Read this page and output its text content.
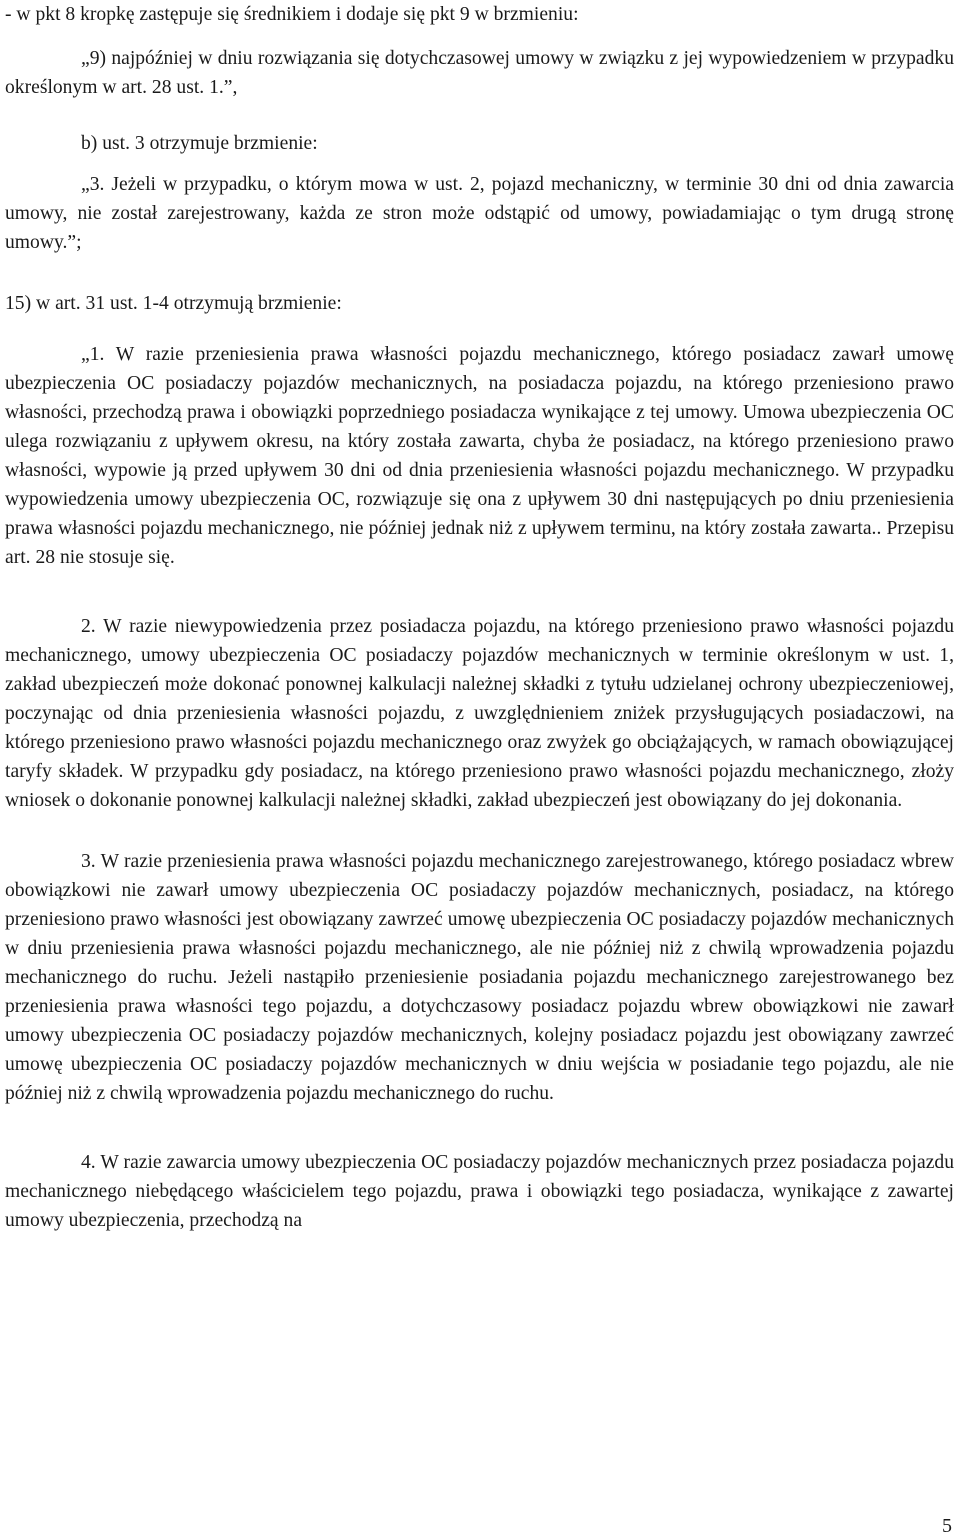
- w pkt 8 kropkę zastępuje się średnikiem i dodaje się pkt 9 w brzmieniu:

„9) najpóźniej w dniu rozwiązania się dotychczasowej umowy w związku z jej wypowiedzeniem w przypadku określonym w art. 28 ust. 1.”,

b) ust. 3 otrzymuje brzmienie:

„3. Jeżeli w przypadku, o którym mowa w ust. 2, pojazd mechaniczny, w terminie 30 dni od dnia zawarcia umowy, nie został zarejestrowany, każda ze stron może odstąpić od umowy, powiadamiając o tym drugą stronę umowy.”;

15) w art. 31 ust. 1-4 otrzymują brzmienie:

„1. W razie przeniesienia prawa własności pojazdu mechanicznego, którego posiadacz zawarł umowę ubezpieczenia OC posiadaczy pojazdów mechanicznych, na posiadacza pojazdu, na którego przeniesiono prawo własności, przechodzą prawa i obowiązki poprzedniego posiadacza wynikające z tej umowy. Umowa ubezpieczenia OC ulega rozwiązaniu z upływem okresu, na który została zawarta, chyba że posiadacz, na którego przeniesiono prawo własności, wypowie ją przed upływem 30 dni od dnia przeniesienia własności pojazdu mechanicznego. W przypadku wypowiedzenia umowy ubezpieczenia OC, rozwiązuje się ona z upływem 30 dni następujących po dniu przeniesienia prawa własności pojazdu mechanicznego, nie później jednak niż z upływem terminu, na który została zawarta.. Przepisu art. 28 nie stosuje się.

2. W razie niewypowiedzenia przez posiadacza pojazdu, na którego przeniesiono prawo własności pojazdu mechanicznego, umowy ubezpieczenia OC posiadaczy pojazdów mechanicznych w terminie określonym w ust. 1, zakład ubezpieczeń może dokonać ponownej kalkulacji należnej składki z tytułu udzielanej ochrony ubezpieczeniowej, poczynając od dnia przeniesienia własności pojazdu, z uwzględnieniem zniżek przysługujących posiadaczowi, na którego przeniesiono prawo własności pojazdu mechanicznego oraz zwyżek go obciążających, w ramach obowiązującej taryfy składek. W przypadku gdy posiadacz, na którego przeniesiono prawo własności pojazdu mechanicznego, złoży wniosek o dokonanie ponownej kalkulacji należnej składki, zakład ubezpieczeń jest obowiązany do jej dokonania.

3. W razie przeniesienia prawa własności pojazdu mechanicznego zarejestrowanego, którego posiadacz wbrew obowiązkowi nie zawarł umowy ubezpieczenia OC posiadaczy pojazdów mechanicznych, posiadacz, na którego przeniesiono prawo własności jest obowiązany zawrzeć umowę ubezpieczenia OC posiadaczy pojazdów mechanicznych w dniu przeniesienia prawa własności pojazdu mechanicznego, ale nie później niż z chwilą wprowadzenia pojazdu mechanicznego do ruchu. Jeżeli nastąpiło przeniesienie posiadania pojazdu mechanicznego zarejestrowanego bez przeniesienia prawa własności tego pojazdu, a dotychczasowy posiadacz pojazdu wbrew obowiązkowi nie zawarł umowy ubezpieczenia OC posiadaczy pojazdów mechanicznych, kolejny posiadacz pojazdu jest obowiązany zawrzeć umowę ubezpieczenia OC posiadaczy pojazdów mechanicznych w dniu wejścia w posiadanie tego pojazdu, ale nie później niż z chwilą wprowadzenia pojazdu mechanicznego do ruchu.

4. W razie zawarcia umowy ubezpieczenia OC posiadaczy pojazdów mechanicznych przez posiadacza pojazdu mechanicznego niebędącego właścicielem tego pojazdu, prawa i obowiązki tego posiadacza, wynikające z zawartej umowy ubezpieczenia, przechodzą na

5
